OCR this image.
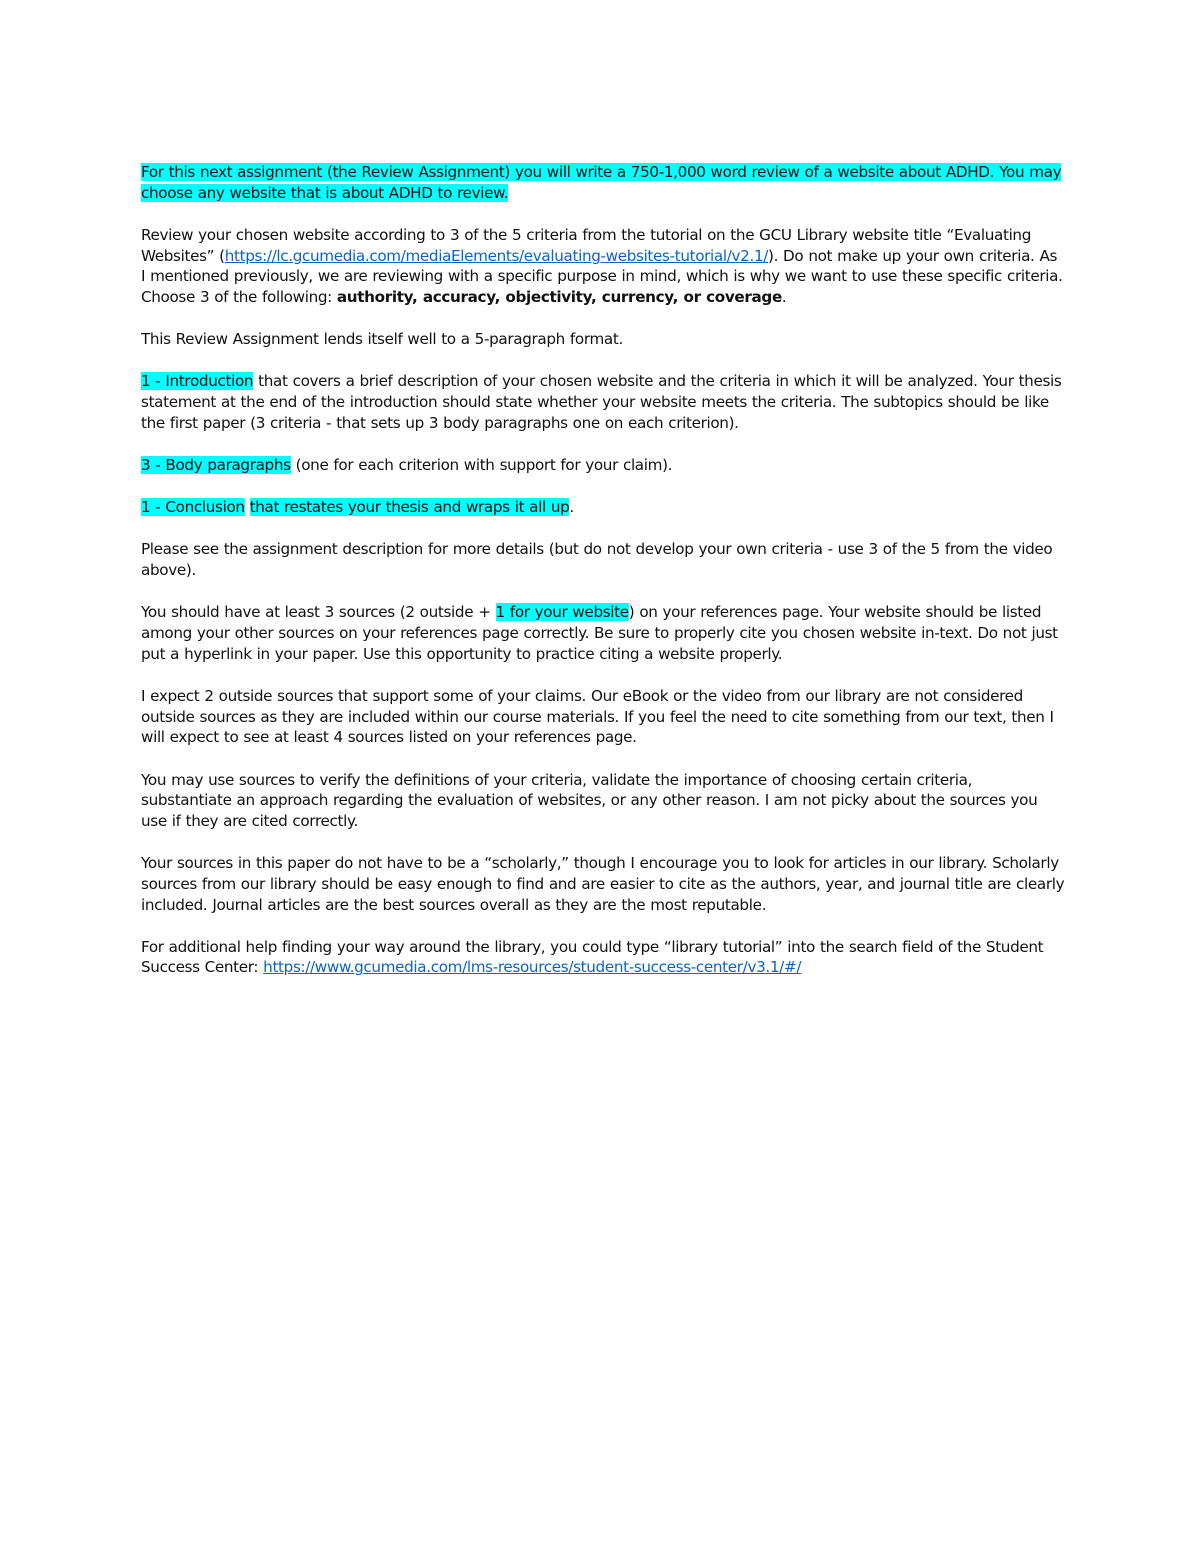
For this next assignment (the Review Assignment) you will write a 750-1,000 word review of a website about ADHD. You may choose any website that is about ADHD to review.

Review your chosen website according to 3 of the 5 criteria from the tutorial on the GCU Library website title “Evaluating Websites” (https://lc.gcumedia.com/mediaElements/evaluating-websites-tutorial/v2.1/). Do not make up your own criteria. As I mentioned previously, we are reviewing with a specific purpose in mind, which is why we want to use these specific criteria. Choose 3 of the following: authority, accuracy, objectivity, currency, or coverage.

This Review Assignment lends itself well to a 5-paragraph format.

1 - Introduction that covers a brief description of your chosen website and the criteria in which it will be analyzed. Your thesis statement at the end of the introduction should state whether your website meets the criteria. The subtopics should be like the first paper (3 criteria - that sets up 3 body paragraphs one on each criterion).

3 - Body paragraphs (one for each criterion with support for your claim).

1 - Conclusion that restates your thesis and wraps it all up.

Please see the assignment description for more details (but do not develop your own criteria - use 3 of the 5 from the video above).

You should have at least 3 sources (2 outside + 1 for your website) on your references page. Your website should be listed among your other sources on your references page correctly. Be sure to properly cite you chosen website in-text. Do not just put a hyperlink in your paper. Use this opportunity to practice citing a website properly.

I expect 2 outside sources that support some of your claims. Our eBook or the video from our library are not considered outside sources as they are included within our course materials. If you feel the need to cite something from our text, then I will expect to see at least 4 sources listed on your references page.

You may use sources to verify the definitions of your criteria, validate the importance of choosing certain criteria, substantiate an approach regarding the evaluation of websites, or any other reason. I am not picky about the sources you use if they are cited correctly.

Your sources in this paper do not have to be a “scholarly,” though I encourage you to look for articles in our library. Scholarly sources from our library should be easy enough to find and are easier to cite as the authors, year, and journal title are clearly included. Journal articles are the best sources overall as they are the most reputable.

For additional help finding your way around the library, you could type “library tutorial” into the search field of the Student Success Center: https://www.gcumedia.com/lms-resources/student-success-center/v3.1/#/
